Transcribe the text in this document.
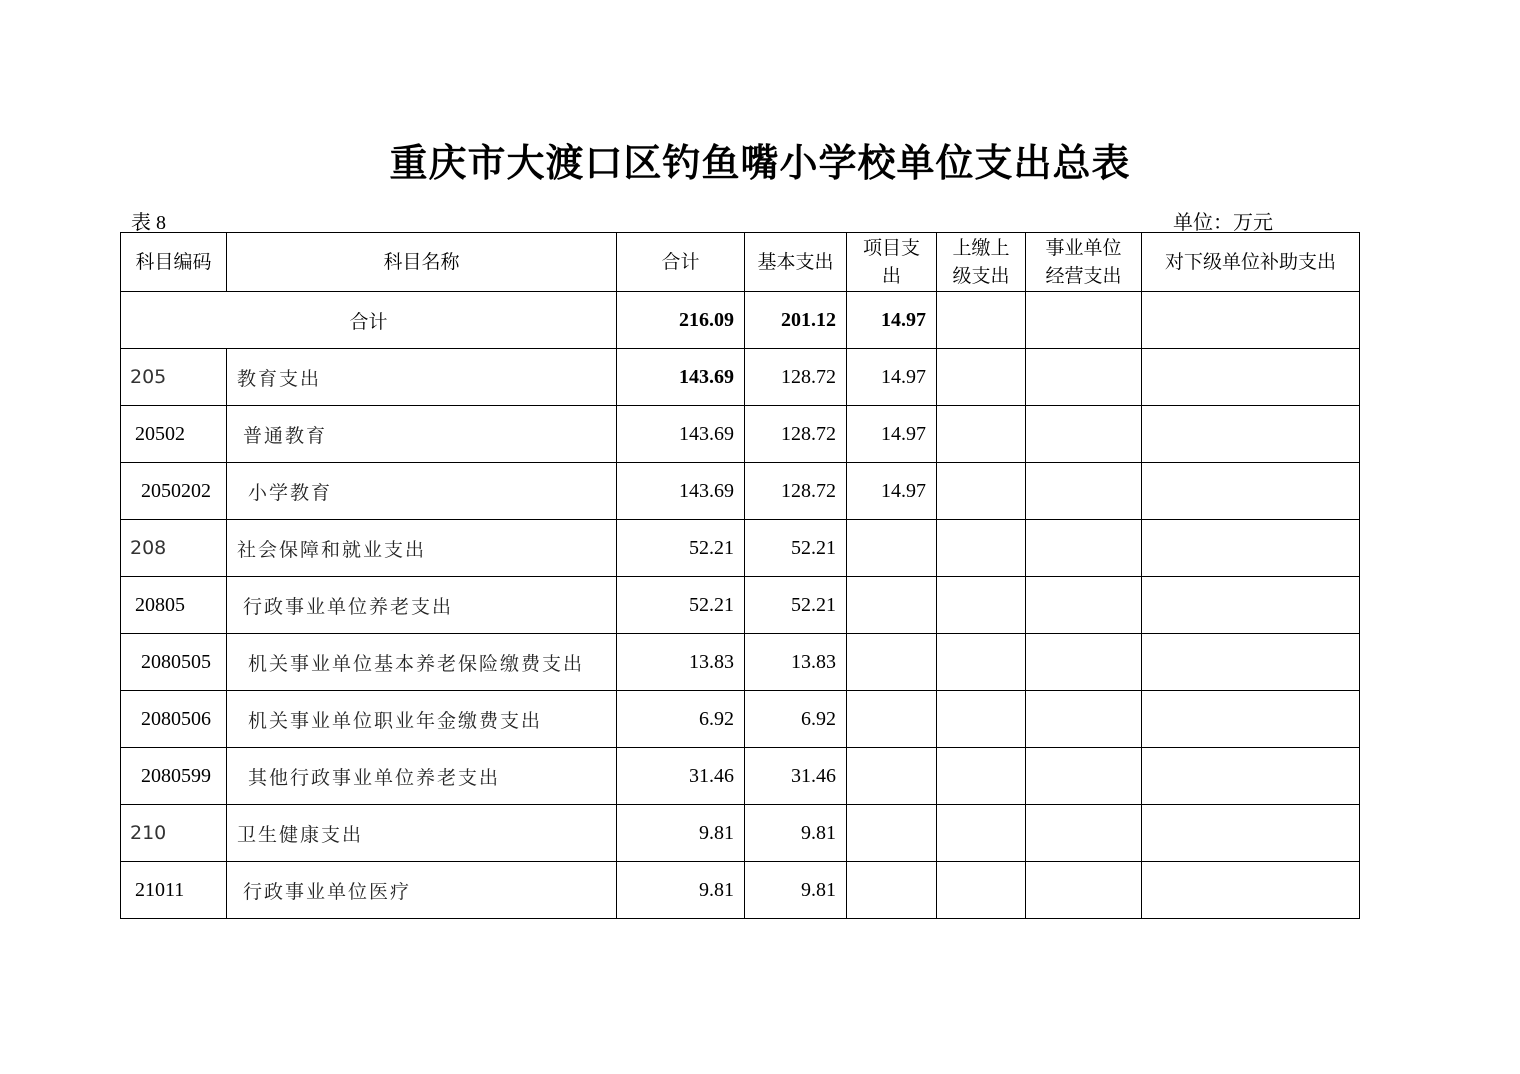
重庆市大渡口区钓鱼嘴小学校单位支出总表
表 8	单位：万元
科目编码	科目名称	合计	基本支出	项目支出	上缴上级支出	事业单位经营支出	对下级单位补助支出
合计		216.09	201.12	14.97			
205	教育支出	143.69	128.72	14.97			
20502	普通教育	143.69	128.72	14.97			
2050202	小学教育	143.69	128.72	14.97			
208	社会保障和就业支出	52.21	52.21				
20805	行政事业单位养老支出	52.21	52.21				
2080505	机关事业单位基本养老保险缴费支出	13.83	13.83				
2080506	机关事业单位职业年金缴费支出	6.92	6.92				
2080599	其他行政事业单位养老支出	31.46	31.46				
210	卫生健康支出	9.81	9.81				
21011	行政事业单位医疗	9.81	9.81				
